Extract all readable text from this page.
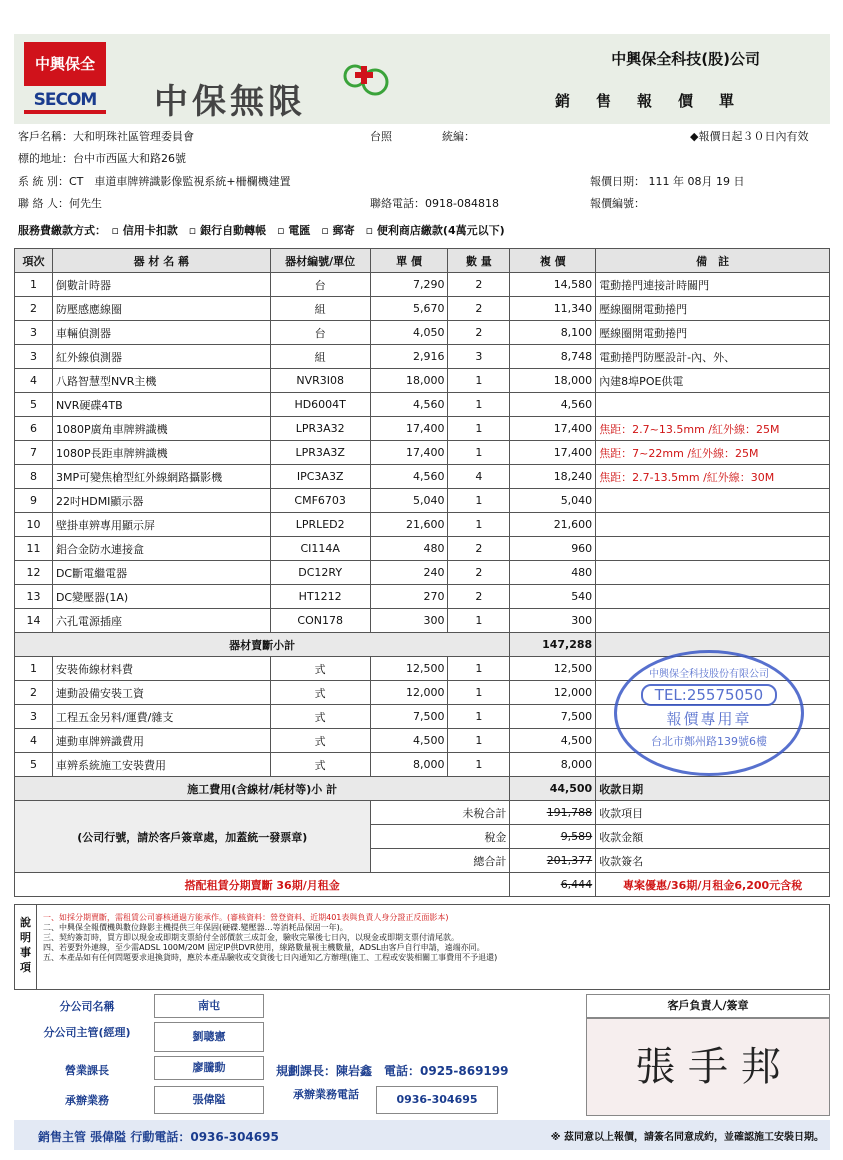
中興保全
SECOM 中保無限
中興保全科技(股)公司
銷售報價單
客戶名稱：大和明珠社區管理委員會	台照	統編：	◆報價日起３０日內有效
標的地址：台中市西區大和路26號
系 統 別：CT　車道車牌辨識影像監視系統+柵欄機建置	報價日期： 111 年 08月 19 日
聯 絡 人：何先生	聯絡電話：0918-084818	報價編號：
服務費繳款方式：　▫ 信用卡扣款　▫ 銀行自動轉帳　▫ 電匯　▫ 郵寄　▫ 便利商店繳款(4萬元以下)
項次	器 材 名 稱	器材編號/單位	單 價	數 量	複 價	備　註
1	倒數計時器	台	7,290	2	14,580	電動捲門連接計時關門
2	防壓感應線圈	組	5,670	2	11,340	壓線圈開電動捲門
3	車輛偵測器	台	4,050	2	8,100	壓線圈開電動捲門
3	紅外線偵測器	組	2,916	3	8,748	電動捲門防壓設計-內、外、
4	八路智慧型NVR主機	NVR3I08	18,000	1	18,000	內建8埠POE供電
5	NVR硬碟4TB	HD6004T	4,560	1	4,560	
6	1080P廣角車牌辨識機	LPR3A32	17,400	1	17,400	焦距：2.7~13.5mm /紅外線：25M
7	1080P長距車牌辨識機	LPR3A3Z	17,400	1	17,400	焦距：7~22mm /紅外線：25M
8	3MP可變焦槍型紅外線網路攝影機	IPC3A3Z	4,560	4	18,240	焦距：2.7-13.5mm /紅外線：30M
9	22吋HDMI顯示器	CMF6703	5,040	1	5,040	
10	壁掛車辨專用顯示屏	LPRLED2	21,600	1	21,600	
11	鋁合金防水連接盒	CI114A	480	2	960	
12	DC斷電繼電器	DC12RY	240	2	480	
13	DC變壓器(1A)	HT1212	270	2	540	
14	六孔電源插座	CON178	300	1	300	
器材賣斷小計					147,288	
1	安裝佈線材料費	式	12,500	1	12,500	
2	連動設備安裝工資	式	12,000	1	12,000	
3	工程五金另料/運費/雜支	式	7,500	1	7,500	
4	連動車牌辨識費用	式	4,500	1	4,500	
5	車辨系統施工安裝費用	式	8,000	1	8,000	
施工費用(含線材/耗材等)小 計					44,500	收款日期
(公司行號，請於客戶簽章處，加蓋統一發票章)			未稅合計		191,788	收款項目
			稅金		9,589	收款金額
			總合計		201,377	收款簽名
搭配租賃分期賣斷 36期/月租金					6,444	專案優惠/36期/月租金6,200元含稅
中興保全科技股份有限公司
TEL:25575050
報價專用章
台北市鄭州路139號6樓
說明事項
一、如採分期賣斷，需租賃公司審核通過方能承作。(審核資料：營登資料、近期401表與負責人身分證正反面影本)
二、中興保全報價機與數位錄影主機提供三年保固(硬碟.變壓器…等消耗品保固一年)。
三、契約簽訂時，買方即以現金或即期支票給付全部價款三成訂金，驗收完畢後七日內，以現金或即期支票付清尾款。
四、若要對外連線，至少需ADSL 100M/20M 固定IP供DVR使用，線路數量視主機數量，ADSL由客戶自行申請，遠端亦同。
五、本產品如有任何問題要求退換貨時，應於本產品驗收或交貨後七日內通知乙方辦理(施工、工程或安裝相關工事費用不予退還)
分公司名稱	南屯
分公司主管(經理)	劉聰憲
營業課長	廖騰動	規劃課長：陳岩鑫　電話：0925-869199
承辦業務	張偉隘	承辦業務電話	0936-304695
客戶負責人/簽章
張 手 邦
銷售主管 張偉隘 行動電話：0936-304695	※ 茲同意以上報價，請簽名同意成約，並確認施工安裝日期。
